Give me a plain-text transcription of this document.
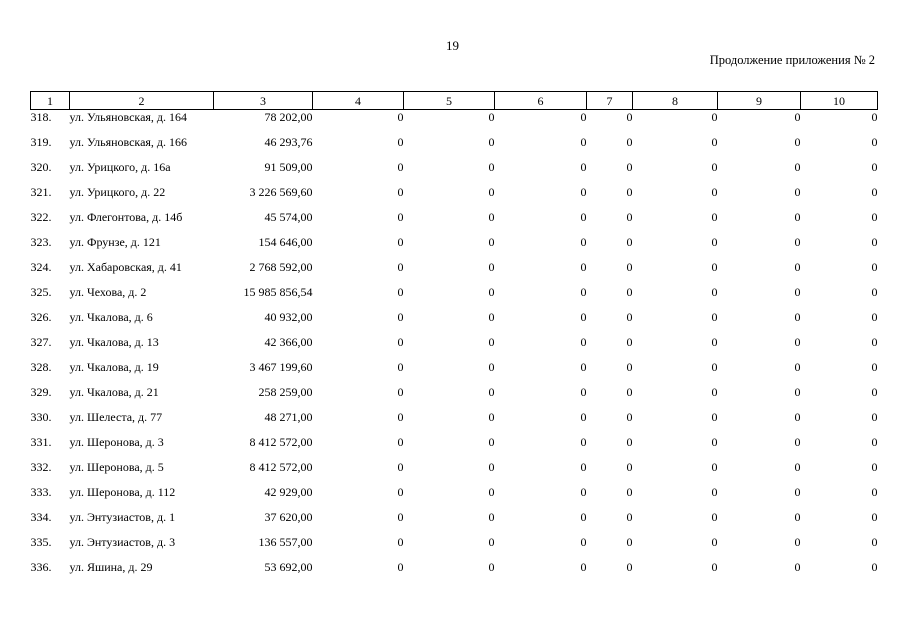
19
Продолжение приложения № 2
1	2	3	4	5	6	7	8	9	10
318.	ул. Ульяновская, д. 164	78 202,00	0	0	0	0	0	0	0
319.	ул. Ульяновская, д. 166	46 293,76	0	0	0	0	0	0	0
320.	ул. Урицкого, д. 16а	91 509,00	0	0	0	0	0	0	0
321.	ул. Урицкого, д. 22	3 226 569,60	0	0	0	0	0	0	0
322.	ул. Флегонтова, д. 14б	45 574,00	0	0	0	0	0	0	0
323.	ул. Фрунзе, д. 121	154 646,00	0	0	0	0	0	0	0
324.	ул. Хабаровская, д. 41	2 768 592,00	0	0	0	0	0	0	0
325.	ул. Чехова, д. 2	15 985 856,54	0	0	0	0	0	0	0
326.	ул. Чкалова, д. 6	40 932,00	0	0	0	0	0	0	0
327.	ул. Чкалова, д. 13	42 366,00	0	0	0	0	0	0	0
328.	ул. Чкалова, д. 19	3 467 199,60	0	0	0	0	0	0	0
329.	ул. Чкалова, д. 21	258 259,00	0	0	0	0	0	0	0
330.	ул. Шелеста, д. 77	48 271,00	0	0	0	0	0	0	0
331.	ул. Шеронова, д. 3	8 412 572,00	0	0	0	0	0	0	0
332.	ул. Шеронова, д. 5	8 412 572,00	0	0	0	0	0	0	0
333.	ул. Шеронова, д. 112	42 929,00	0	0	0	0	0	0	0
334.	ул. Энтузиастов, д. 1	37 620,00	0	0	0	0	0	0	0
335.	ул. Энтузиастов, д. 3	136 557,00	0	0	0	0	0	0	0
336.	ул. Яшина, д. 29	53 692,00	0	0	0	0	0	0	0
